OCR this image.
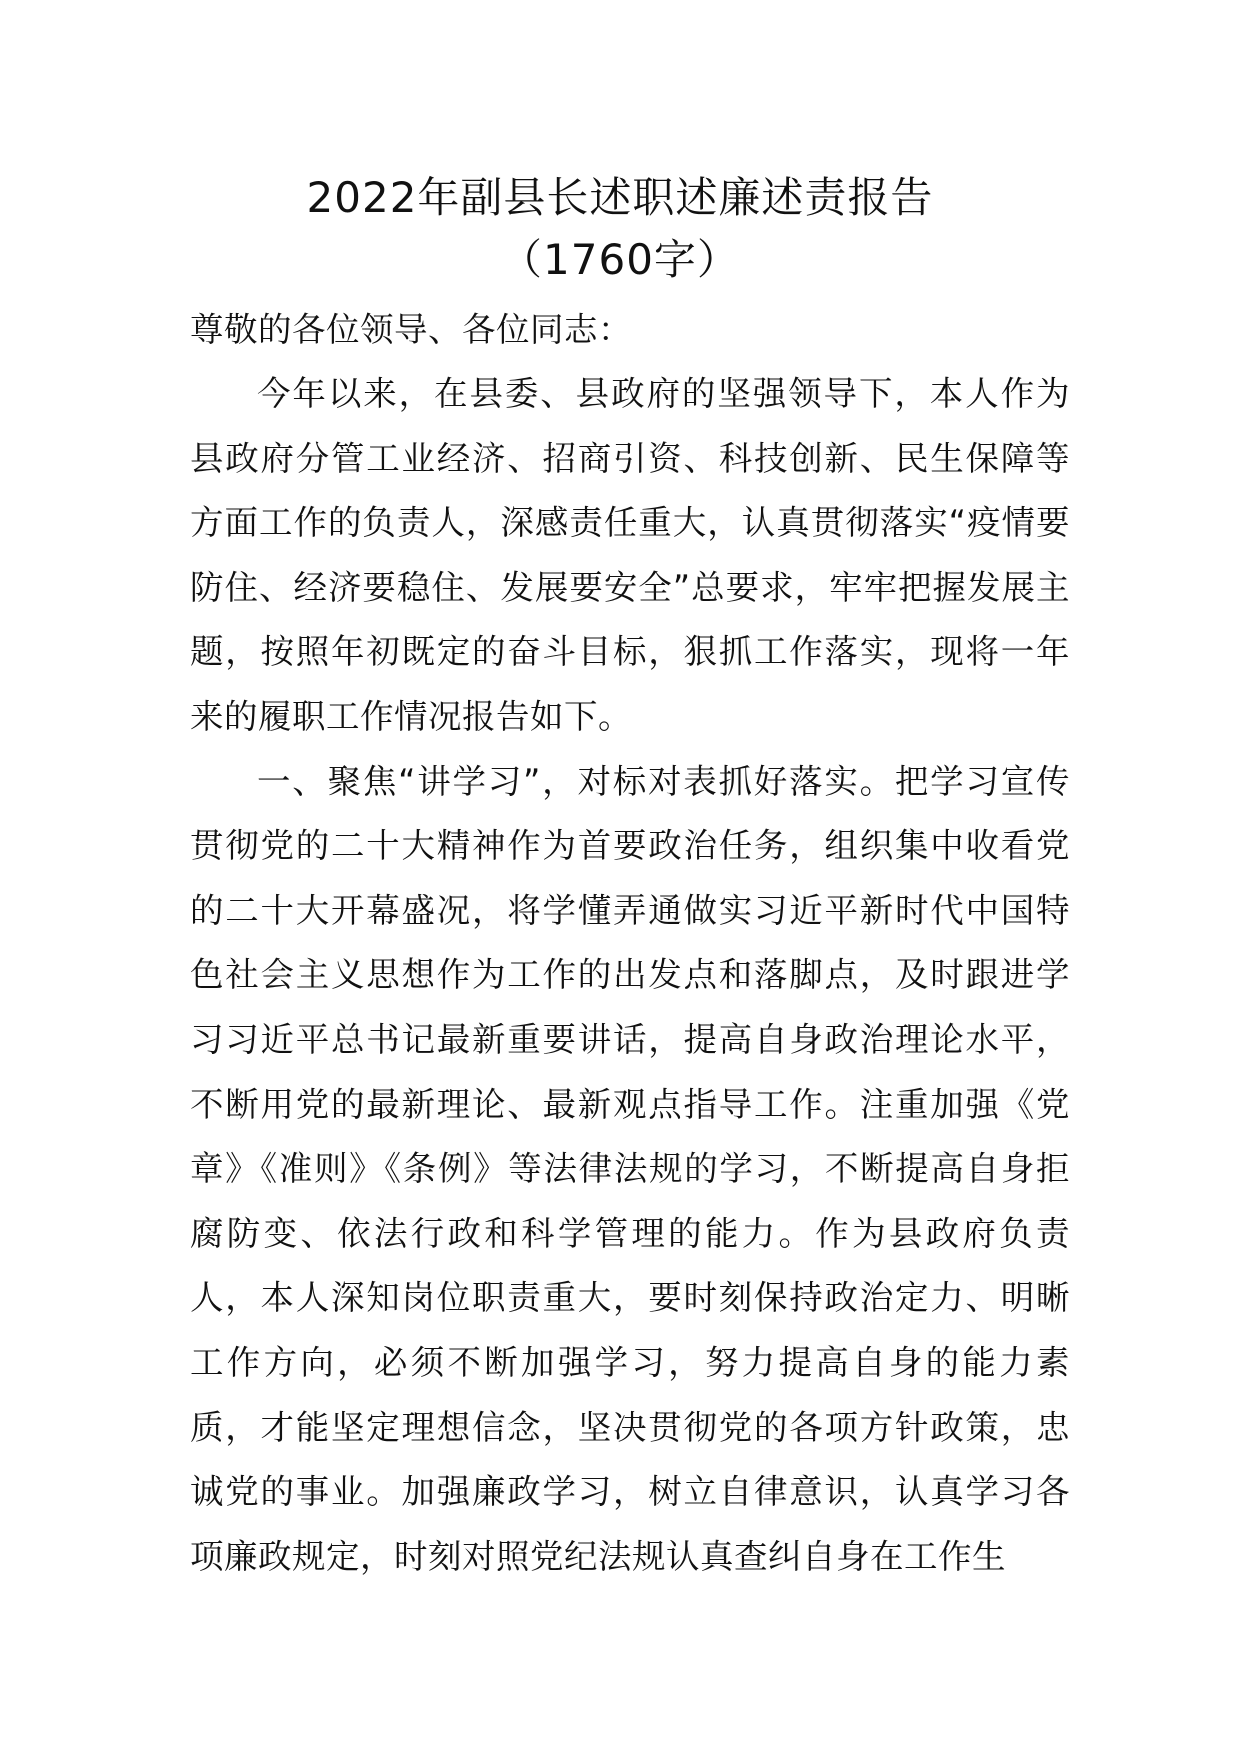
2022年副县长述职述廉述责报告
（1760字）
尊敬的各位领导、各位同志：

今年以来，在县委、县政府的坚强领导下，本人作为县政府分管工业经济、招商引资、科技创新、民生保障等方面工作的负责人，深感责任重大，认真贯彻落实“疫情要防住、经济要稳住、发展要安全”总要求，牢牢把握发展主题，按照年初既定的奋斗目标，狠抓工作落实，现将一年来的履职工作情况报告如下。

一、聚焦“讲学习”，对标对表抓好落实。把学习宣传贯彻党的二十大精神作为首要政治任务，组织集中收看党的二十大开幕盛况，将学懂弄通做实习近平新时代中国特色社会主义思想作为工作的出发点和落脚点，及时跟进学习习近平总书记最新重要讲话，提高自身政治理论水平，不断用党的最新理论、最新观点指导工作。注重加强《党章》《准则》《条例》等法律法规的学习，不断提高自身拒腐防变、依法行政和科学管理的能力。作为县政府负责人，本人深知岗位职责重大，要时刻保持政治定力、明晰工作方向，必须不断加强学习，努力提高自身的能力素质，才能坚定理想信念，坚决贯彻党的各项方针政策，忠诚党的事业。加强廉政学习，树立自律意识，认真学习各项廉政规定，时刻对照党纪法规认真查纠自身在工作生
